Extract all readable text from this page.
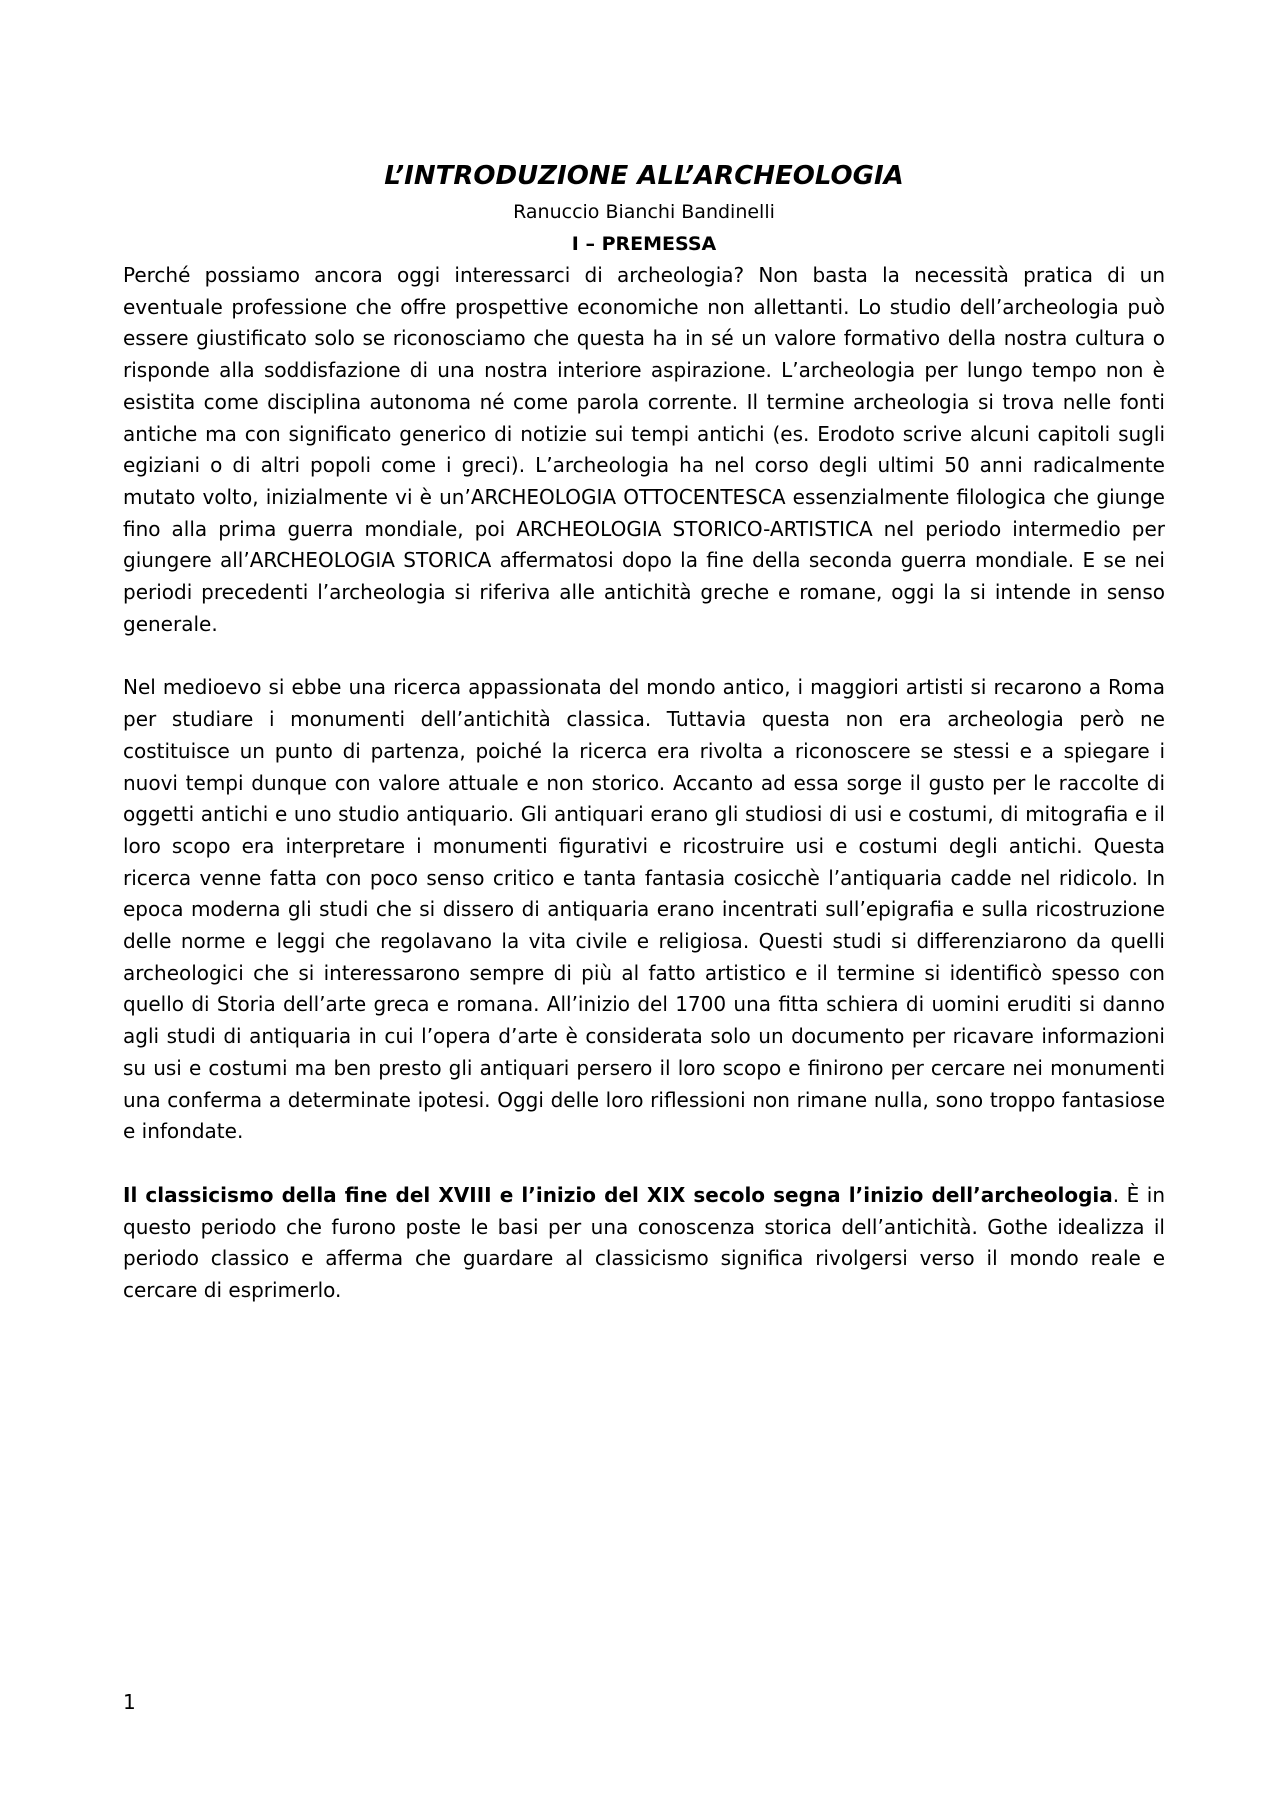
L’INTRODUZIONE ALL’ARCHEOLOGIA

Ranuccio Bianchi Bandinelli

I – PREMESSA

Perché possiamo ancora oggi interessarci di archeologia? Non basta la necessità pratica di un eventuale professione che offre prospettive economiche non allettanti. Lo studio dell’archeologia può essere giustificato solo se riconosciamo che questa ha in sé un valore formativo della nostra cultura o risponde alla soddisfazione di una nostra interiore aspirazione. L’archeologia per lungo tempo non è esistita come disciplina autonoma né come parola corrente. Il termine archeologia si trova nelle fonti antiche ma con significato generico di notizie sui tempi antichi (es. Erodoto scrive alcuni capitoli sugli egiziani o di altri popoli come i greci). L’archeologia ha nel corso degli ultimi 50 anni radicalmente mutato volto, inizialmente vi è un’ARCHEOLOGIA OTTOCENTESCA essenzialmente filologica che giunge fino alla prima guerra mondiale, poi ARCHEOLOGIA STORICO-ARTISTICA nel periodo intermedio per giungere all’ARCHEOLOGIA STORICA affermatosi dopo la fine della seconda guerra mondiale. E se nei periodi precedenti l’archeologia si riferiva alle antichità greche e romane, oggi la si intende in senso generale.

Nel medioevo si ebbe una ricerca appassionata del mondo antico, i maggiori artisti si recarono a Roma per studiare i monumenti dell’antichità classica. Tuttavia questa non era archeologia però ne costituisce un punto di partenza, poiché la ricerca era rivolta a riconoscere se stessi e a spiegare i nuovi tempi dunque con valore attuale e non storico. Accanto ad essa sorge il gusto per le raccolte di oggetti antichi e uno studio antiquario. Gli antiquari erano gli studiosi di usi e costumi, di mitografia e il loro scopo era interpretare i monumenti figurativi e ricostruire usi e costumi degli antichi. Questa ricerca venne fatta con poco senso critico e tanta fantasia cosicchè l’antiquaria cadde nel ridicolo. In epoca moderna gli studi che si dissero di antiquaria erano incentrati sull’epigrafia e sulla ricostruzione delle norme e leggi che regolavano la vita civile e religiosa. Questi studi si differenziarono da quelli archeologici che si interessarono sempre di più al fatto artistico e il termine si identificò spesso con quello di Storia dell’arte greca e romana. All’inizio del 1700 una fitta schiera di uomini eruditi si danno agli studi di antiquaria in cui l’opera d’arte è considerata solo un documento per ricavare informazioni su usi e costumi ma ben presto gli antiquari persero il loro scopo e finirono per cercare nei monumenti una conferma a determinate ipotesi. Oggi delle loro riflessioni non rimane nulla, sono troppo fantasiose e infondate.

Il classicismo della fine del XVIII e l’inizio del XIX secolo segna l’inizio dell’archeologia. È in questo periodo che furono poste le basi per una conoscenza storica dell’antichità. Gothe idealizza il periodo classico e afferma che guardare al classicismo significa rivolgersi verso il mondo reale e cercare di esprimerlo.

1
